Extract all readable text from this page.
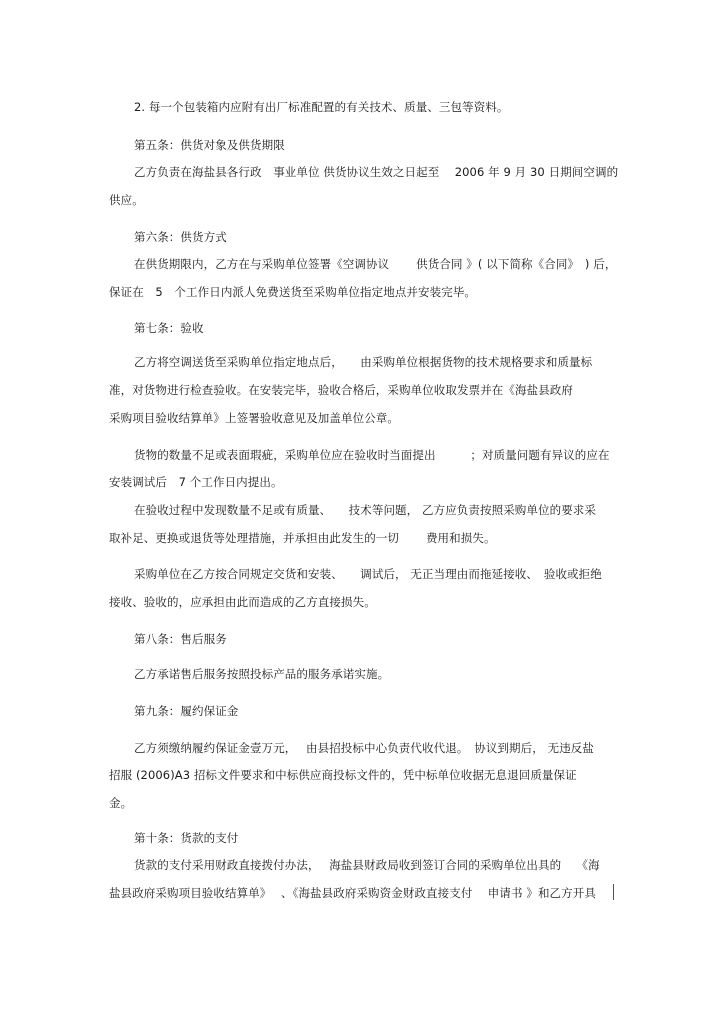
2. 每一个包装箱内应附有出厂标准配置的有关技术、质量、三包等资料。
第五条：供货对象及供货期限
乙方负责在海盐县各行政　事业单位 供货协议生效之日起至　 2006 年 9 月 30 日期间空调的
供应。
第六条：供货方式
在供货期限内，乙方在与采购单位签署《空调协议　　 供货合同 》( 以下简称《合同》　) 后，
保证在　5　个工作日内派人免费送货至采购单位指定地点并安装完毕。
第七条：验收
乙方将空调送货至采购单位指定地点后，　　由采购单位根据货物的技术规格要求和质量标
准，对货物进行检查验收。在安装完毕，验收合格后，采购单位收取发票并在《海盐县政府
采购项目验收结算单》上签署验收意见及加盖单位公章。
货物的数量不足或表面瑕疵，采购单位应在验收时当面提出　　　；对质量问题有异议的应在
安装调试后　7 个工作日内提出。
在验收过程中发现数量不足或有质量、　　技术等问题， 乙方应负责按照采购单位的要求采
取补足、更换或退货等处理措施，并承担由此发生的一切　　 费用和损失。
采购单位在乙方按合同规定交货和安装、　　调试后， 无正当理由而拖延接收、　验收或拒绝
接收、验收的，应承担由此而造成的乙方直接损失。
第八条：售后服务
乙方承诺售后服务按照投标产品的服务承诺实施。
第九条：履约保证金
乙方须缴纳履约保证金壹万元，　 由县招投标中心负责代收代退。　协议到期后， 无违反盐
招服 (2006)A3 招标文件要求和中标供应商投标文件的，凭中标单位收据无息退回质量保证
金。
第十条：货款的支付
货款的支付采用财政直接拨付办法，　 海盐县财政局收到签订合同的采购单位出具的　 《海
盐县政府采购项目验收结算单》　 、《海盐县政府采购资金财政直接支付　 申请书 》和乙方开具
